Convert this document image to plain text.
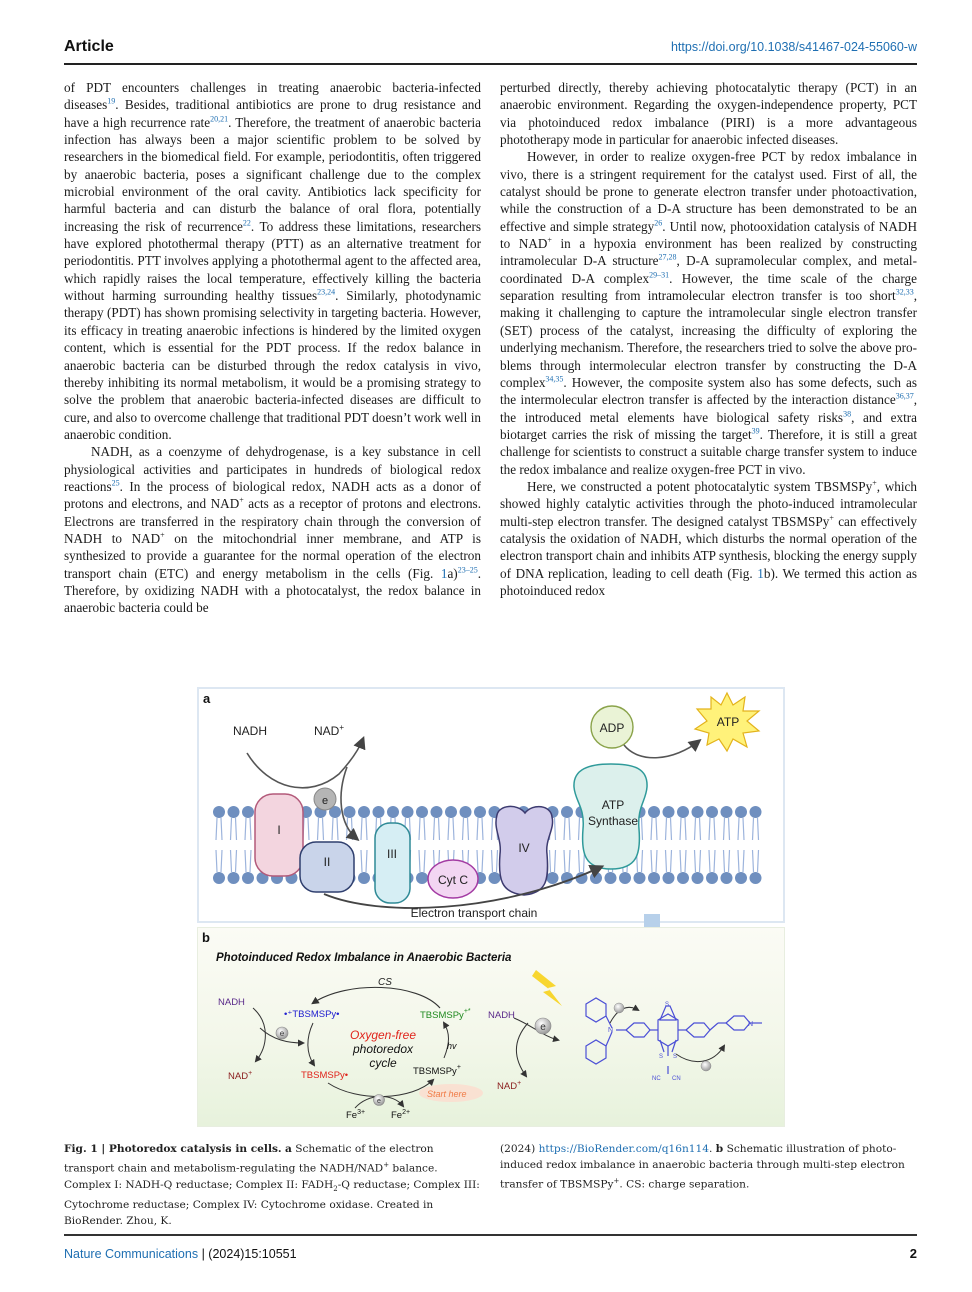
Article	https://doi.org/10.1038/s41467-024-55060-w

of PDT encounters challenges in treating anaerobic bacteria-infected diseases$^{19}$. Besides, traditional antibiotics are prone to drug resistance and have a high recurrence rate$^{20,21}$. Therefore, the treatment of anaerobic bacteria infection has always been a major scientific problem to be solved by researchers in the biomedical field. For example, periodontitis, often triggered by anaerobic bacteria, poses a significant challenge due to the complex microbial environment of the oral cavity. Antibiotics lack specificity for harmful bacteria and can disturb the balance of oral flora, potentially increasing the risk of recurrence$^{22}$. To address these limitations, researchers have explored photothermal therapy (PTT) as an alternative treatment for periodontitis. PTT involves applying a photothermal agent to the affected area, which rapidly raises the local temperature, effectively killing the bacteria without harming surrounding healthy tissues$^{23,24}$. Similarly, photodynamic therapy (PDT) has shown promising selectivity in targeting bacteria. However, its efficacy in treating anaerobic infections is hindered by the limited oxygen content, which is essential for the PDT process. If the redox balance in anaerobic bacteria can be disturbed through the redox catalysis in vivo, thereby inhibiting its normal metabolism, it would be a promising strategy to solve the problem that anaerobic bacteria-infected diseases are difficult to cure, and also to overcome challenge that traditional PDT doesn’t work well in anaerobic condition.

NADH, as a coenzyme of dehydrogenase, is a key substance in cell physiological activities and participates in hundreds of biological redox reactions$^{25}$. In the process of biological redox, NADH acts as a donor of protons and electrons, and NAD+ acts as a receptor of protons and electrons. Electrons are transferred in the respiratory chain through the conversion of NADH to NAD+ on the mitochondrial inner membrane, and ATP is synthesized to provide a guarantee for the normal operation of the electron transport chain (ETC) and energy metabolism in the cells (Fig. 1a)$^{23-25}$. Therefore, by oxidizing NADH with a photocatalyst, the redox balance in anaerobic bacteria could be

perturbed directly, thereby achieving photocatalytic therapy (PCT) in an anaerobic environment. Regarding the oxygen-independence property, PCT via photoinduced redox imbalance (PIRI) is a more advantageous phototherapy mode in particular for anaerobic infected diseases.

However, in order to realize oxygen-free PCT by redox imbalance in vivo, there is a stringent requirement for the catalyst used. First of all, the catalyst should be prone to generate electron transfer under photoactivation, while the construction of a D-A structure has been demonstrated to be an effective and simple strategy$^{26}$. Until now, photooxidation catalysis of NADH to NAD+ in a hypoxia environment has been realized by constructing intramolecular D-A structure$^{27,28}$, D-A supramolecular complex, and metal-coordinated D-A complex$^{29-31}$. However, the time scale of the charge separation resulting from intramolecular electron transfer is too short$^{32,33}$, making it challenging to capture the intramolecular single electron transfer (SET) process of the catalyst, increasing the difficulty of exploring the underlying mechanism. Therefore, the researchers tried to solve the above problems through intermolecular electron transfer by constructing the D-A complex$^{34,35}$. However, the composite system also has some defects, such as the intermolecular electron transfer is affected by the interaction distance$^{36,37}$, the introduced metal elements have biological safety risks$^{38}$, and extra biotarget carries the risk of missing the target$^{39}$. Therefore, it is still a great challenge for scientists to construct a suitable charge transfer system to induce the redox imbalance and realize oxygen-free PCT in vivo.

Here, we constructed a potent photocatalytic system TBSMSPy+, which showed highly catalytic activities through the photo-induced intramolecular multi-step electron transfer. The designed catalyst TBSMSPy+ can effectively catalysis the oxidation of NADH, which disturbs the normal operation of the electron transport chain and inhibits ATP synthesis, blocking the energy supply of DNA replication, leading to cell death (Fig. 1b). We termed this action as photoinduced redox

a
NADH	NAD+
e
I
II
III
Cyt C
IV
ATP
Synthase
ADP	ATP
Electron transport chain
b
Photoinduced Redox Imbalance in Anaerobic Bacteria
CS
NADH
e
NAD+
•⁺TBSMSPy•
TBSMSPy•
e
$Fe^{3+}$	$Fe^{2+}$
Oxygen-free
photoredox
cycle
TBSMSPy+*
hv
TBSMSPy+
Start here
NADH
e
NAD+
N
S
S S
N
NC CN
Fig. 1 | Photoredox catalysis in cells. a Schematic of the electron transport chain and metabolism-regulating the NADH/NAD+ balance. Complex I: NADH-Q reductase; Complex II: $FADH_2-Q$ reductase; Complex III: Cytochrome reductase; Complex IV: Cytochrome oxidase. Created in BioRender. Zhou, K.
(2024) https://BioRender.com/q16n114. b Schematic illustration of photo-induced redox imbalance in anaerobic bacteria through multi-step electron transfer of TBSMSPy+. CS: charge separation.
Nature Communications | (2024)15:10551	2
